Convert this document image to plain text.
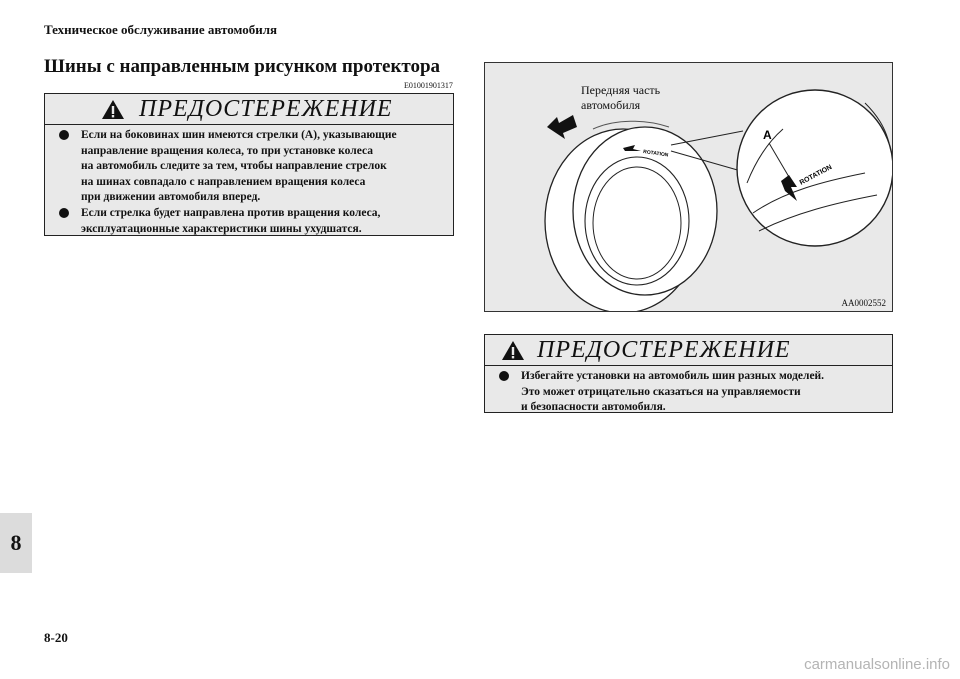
Техническое обслуживание автомобиля
Шины с направленным рисунком протектора
E01001901317
ПРЕДОСТЕРЕЖЕНИЕ
Если на боковинах шин имеются стрелки (А), указывающие
направление вращения колеса, то при установке колеса
на автомобиль следите за тем, чтобы направление стрелок
на шинах совпадало с направлением вращения колеса
при движении автомобиля вперед.
Если стрелка будет направлена против вращения колеса,
эксплуатационные характеристики шины ухудшатся.
ROTATION
A
ROTATION
Передняя часть
автомобиля
AA0002552
ПРЕДОСТЕРЕЖЕНИЕ
Избегайте установки на автомобиль шин разных моделей.
Это может отрицательно сказаться на управляемости
и безопасности автомобиля.
8
8-20
carmanualsonline.info
